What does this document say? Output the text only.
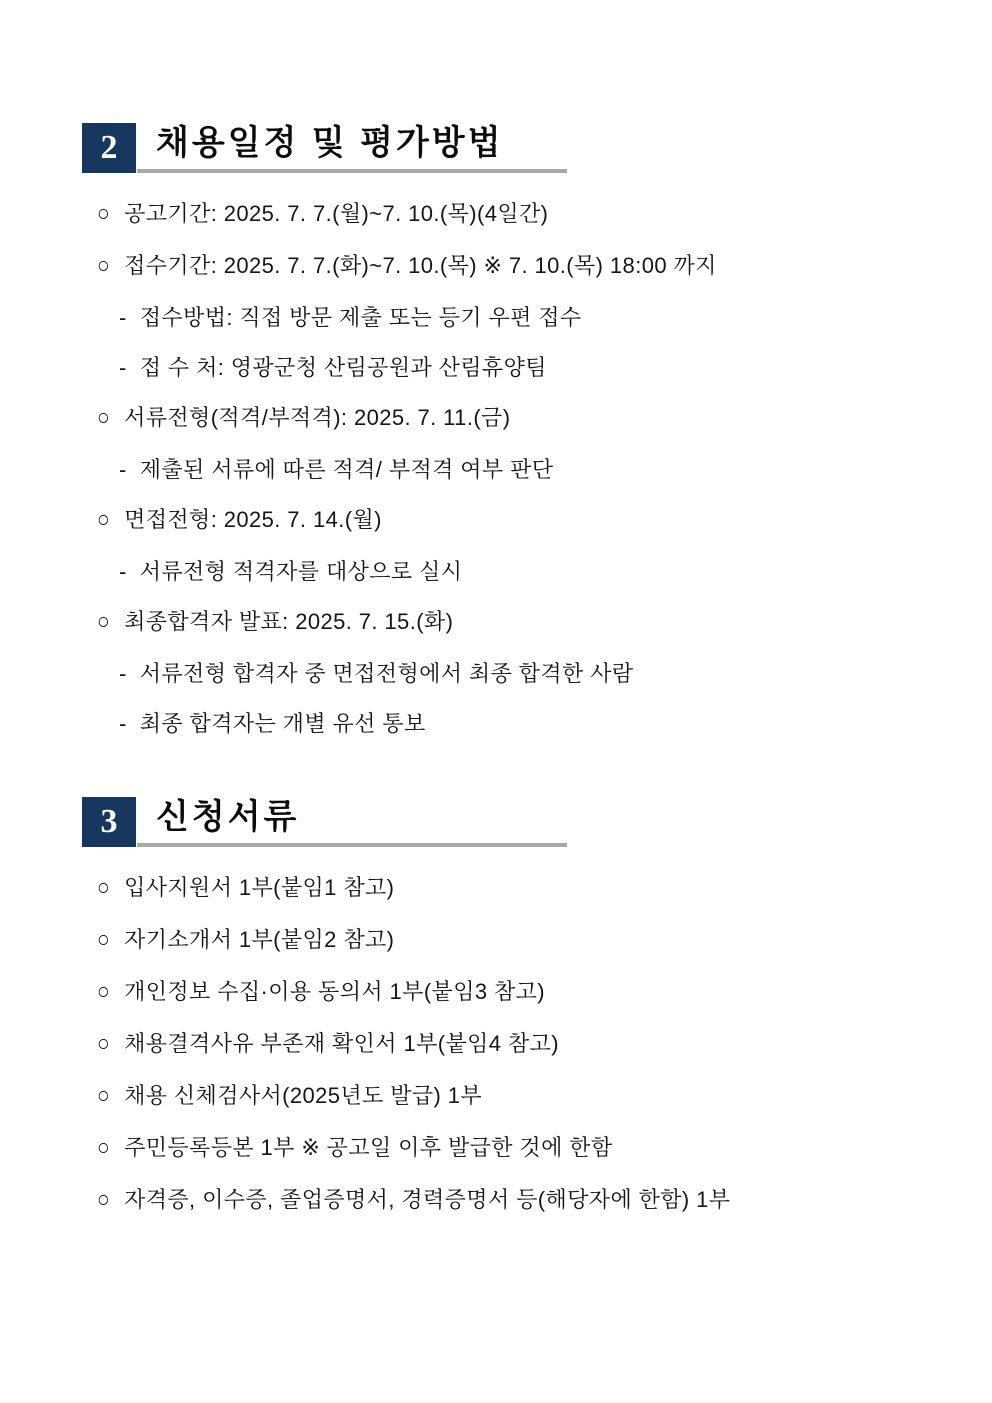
2 채용일정 및 평가방법
○ 공고기간: 2025. 7. 7.(월)~7. 10.(목)(4일간)
○ 접수기간: 2025. 7. 7.(화)~7. 10.(목) ※ 7. 10.(목) 18:00 까지
- 접수방법: 직접 방문 제출 또는 등기 우편 접수
- 접 수 처: 영광군청 산림공원과 산림휴양팀
○ 서류전형(적격/부적격): 2025. 7. 11.(금)
- 제출된 서류에 따른 적격/ 부적격 여부 판단
○ 면접전형: 2025. 7. 14.(월)
- 서류전형 적격자를 대상으로 실시
○ 최종합격자 발표: 2025. 7. 15.(화)
- 서류전형 합격자 중 면접전형에서 최종 합격한 사람
- 최종 합격자는 개별 유선 통보
3 신청서류
○ 입사지원서 1부(붙임1 참고)
○ 자기소개서 1부(붙임2 참고)
○ 개인정보 수집·이용 동의서 1부(붙임3 참고)
○ 채용결격사유 부존재 확인서 1부(붙임4 참고)
○ 채용 신체검사서(2025년도 발급) 1부
○ 주민등록등본 1부 ※ 공고일 이후 발급한 것에 한함
○ 자격증, 이수증, 졸업증명서, 경력증명서 등(해당자에 한함) 1부
